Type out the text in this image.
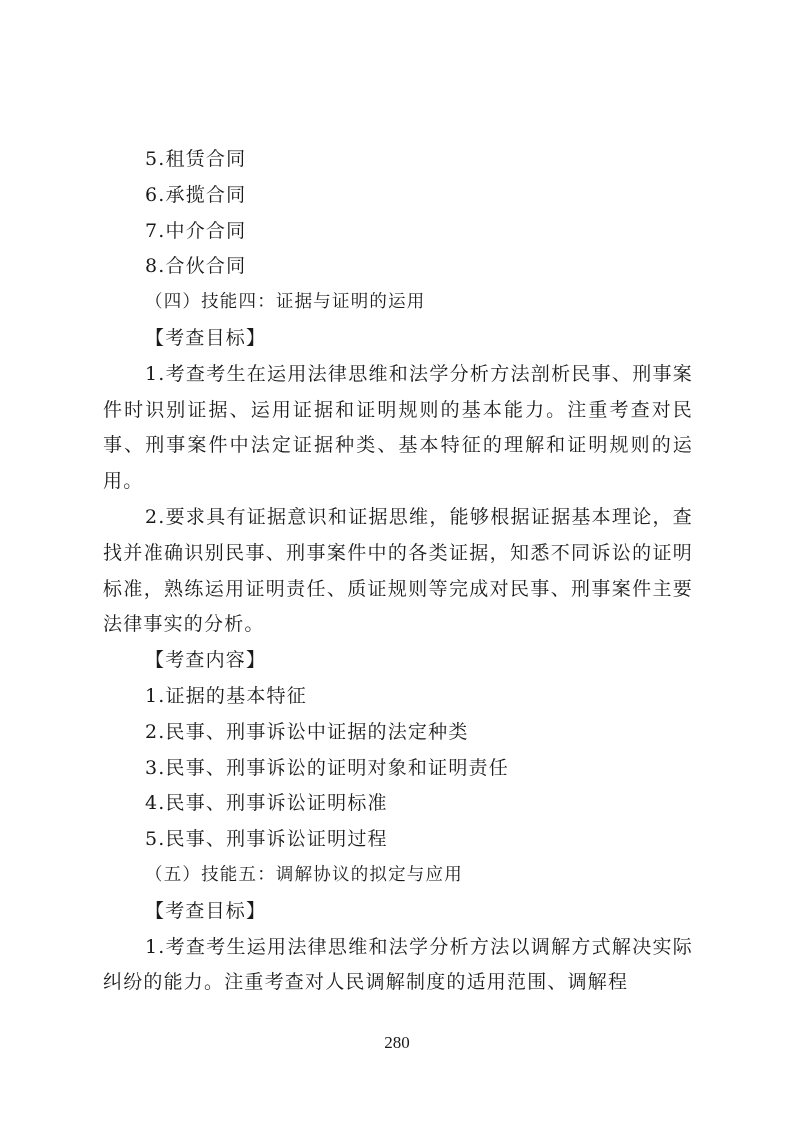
5.租赁合同
6.承揽合同
7.中介合同
8.合伙合同
（四）技能四：证据与证明的运用
【考查目标】

1.考查考生在运用法律思维和法学分析方法剖析民事、刑事案件时识别证据、运用证据和证明规则的基本能力。注重考查对民事、刑事案件中法定证据种类、基本特征的理解和证明规则的运用。

2.要求具有证据意识和证据思维，能够根据证据基本理论，查找并准确识别民事、刑事案件中的各类证据，知悉不同诉讼的证明标准，熟练运用证明责任、质证规则等完成对民事、刑事案件主要法律事实的分析。

【考查内容】
1.证据的基本特征
2.民事、刑事诉讼中证据的法定种类
3.民事、刑事诉讼的证明对象和证明责任
4.民事、刑事诉讼证明标准
5.民事、刑事诉讼证明过程
（五）技能五：调解协议的拟定与应用
【考查目标】

1.考查考生运用法律思维和法学分析方法以调解方式解决实际纠纷的能力。注重考查对人民调解制度的适用范围、调解程

280
